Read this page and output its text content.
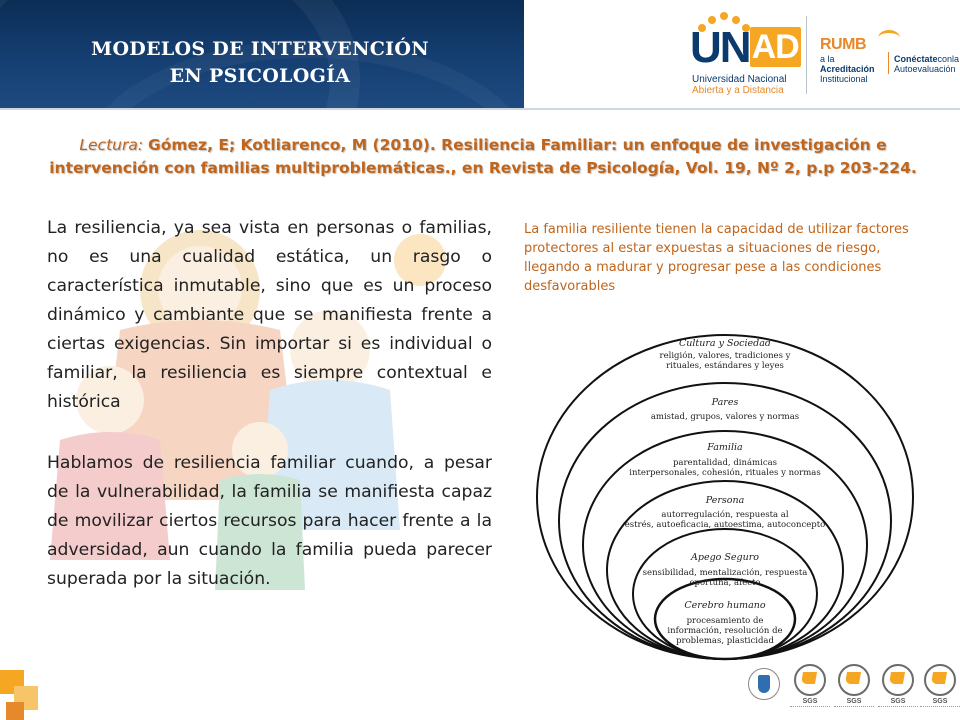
MODELOS DE INTERVENCIÓN
EN PSICOLOGÍA
UNAD
Universidad Nacional
Abierta y a Distancia
RUMB
a la Acreditación
Institucional
Conéctateconla
Autoevaluación
Lectura: Gómez, E; Kotliarenco, M (2010). Resiliencia Familiar: un enfoque de investigación e intervención con familias multiproblemáticas., en Revista de Psicología, Vol. 19, Nº 2, p.p 203-224.

La resiliencia, ya sea vista en personas o familias, no es una cualidad estática, un rasgo o característica inmutable, sino que es un proceso dinámico y cambiante que se manifiesta frente a ciertas exigencias. Sin importar si es individual o familiar, la resiliencia es siempre contextual e histórica

Hablamos de resiliencia familiar cuando, a pesar de la vulnerabilidad, la familia se manifiesta capaz de movilizar ciertos recursos para hacer frente a la adversidad, aun cuando la familia pueda parecer superada por la situación.

La familia resiliente tienen la capacidad de utilizar factores protectores al estar expuestas a situaciones de riesgo, llegando a madurar y progresar pese a las condiciones desfavorables

Cultura y Sociedad
religión, valores, tradiciones y
rituales, estándares y leyes
Pares
amistad, grupos, valores y normas
Familia
parentalidad, dinámicas
interpersonales, cohesión, rituales y normas
Persona
autorregulación, respuesta al
estrés, autoeficacia, autoestima, autoconcepto
Apego Seguro
sensibilidad, mentalización, respuesta
oportuna, afecto
Cerebro humano
procesamiento de
información, resolución de
problemas, plasticidad
SGS	SGS	SGS	SGS
